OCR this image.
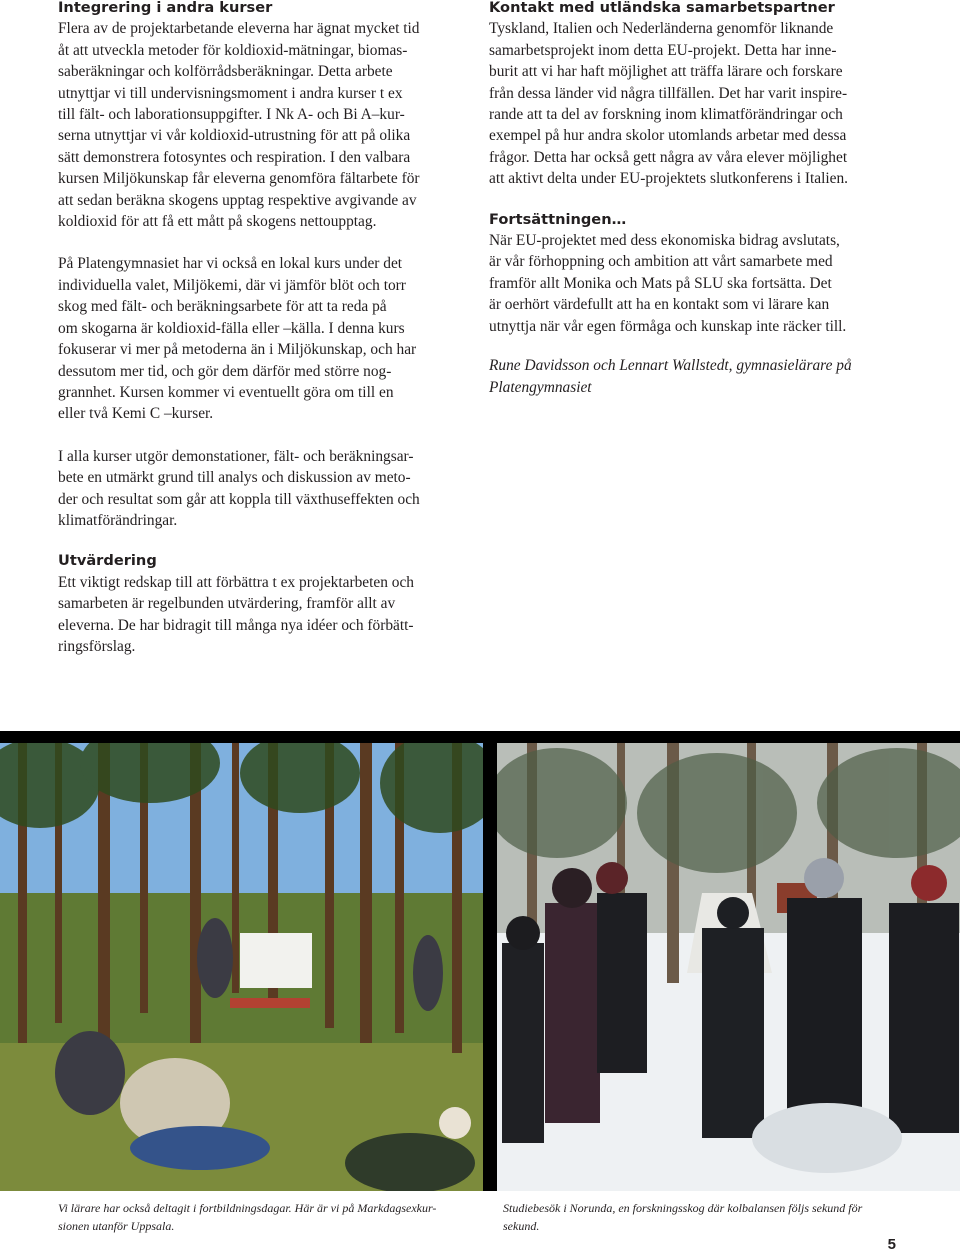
Integrering i andra kurser

Flera av de projektarbetande eleverna har ägnat mycket tid
åt att utveckla metoder för koldioxid-mätningar, biomas-
saberäkningar och kolförrådsberäkningar. Detta arbete
utnyttjar vi till undervisningsmoment i andra kurser t ex
till fält- och laborationsuppgifter. I Nk A- och Bi A–kur-
serna utnyttjar vi vår koldioxid-utrustning för att på olika
sätt demonstrera fotosyntes och respiration. I den valbara
kursen Miljökunskap får eleverna genomföra fältarbete för
att sedan beräkna skogens upptag respektive avgivande av
koldioxid för att få ett mått på skogens nettoupptag.

På Platengymnasiet har vi också en lokal kurs under det
individuella valet, Miljökemi, där vi jämför blöt och torr
skog med fält- och beräkningsarbete för att ta reda på
om skogarna är koldioxid-fälla eller –källa. I denna kurs
fokuserar vi mer på metoderna än i Miljökunskap, och har
dessutom mer tid, och gör dem därför med större nog-
grannhet. Kursen kommer vi eventuellt göra om till en
eller två Kemi C –kurser.

I alla kurser utgör demonstationer, fält- och beräkningsar-
bete en utmärkt grund till analys och diskussion av meto-
der och resultat som går att koppla till växthuseffekten och
klimatförändringar.

Utvärdering

Ett viktigt redskap till att förbättra t ex projektarbeten och
samarbeten är regelbunden utvärdering, framför allt av
eleverna. De har bidragit till många nya idéer och förbätt-
ringsförslag.

Kontakt med utländska samarbetspartner

Tyskland, Italien och Nederländerna genomför liknande
samarbetsprojekt inom detta EU-projekt. Detta har inne-
burit att vi har haft möjlighet att träffa lärare och forskare
från dessa länder vid några tillfällen. Det har varit inspire-
rande att ta del av forskning inom klimatförändringar och
exempel på hur andra skolor utomlands arbetar med dessa
frågor. Detta har också gett några av våra elever möjlighet
att aktivt delta under EU-projektets slutkonferens i Italien.

Fortsättningen…

När EU-projektet med dess ekonomiska bidrag avslutats,
är vår förhoppning och ambition att vårt samarbete med
framför allt Monika och Mats på SLU ska fortsätta. Det
är oerhört värdefullt att ha en kontakt som vi lärare kan
utnyttja när vår egen förmåga och kunskap inte räcker till.

Rune Davidsson och Lennart Wallstedt, gymnasielärare på
Platengymnasiet

Vi lärare har också deltagit i fortbildningsdagar. Här är vi på Markdagsexkur-
sionen utanför Uppsala.
Studiebesök i Norunda, en forskningsskog där kolbalansen följs sekund för
sekund.
5
